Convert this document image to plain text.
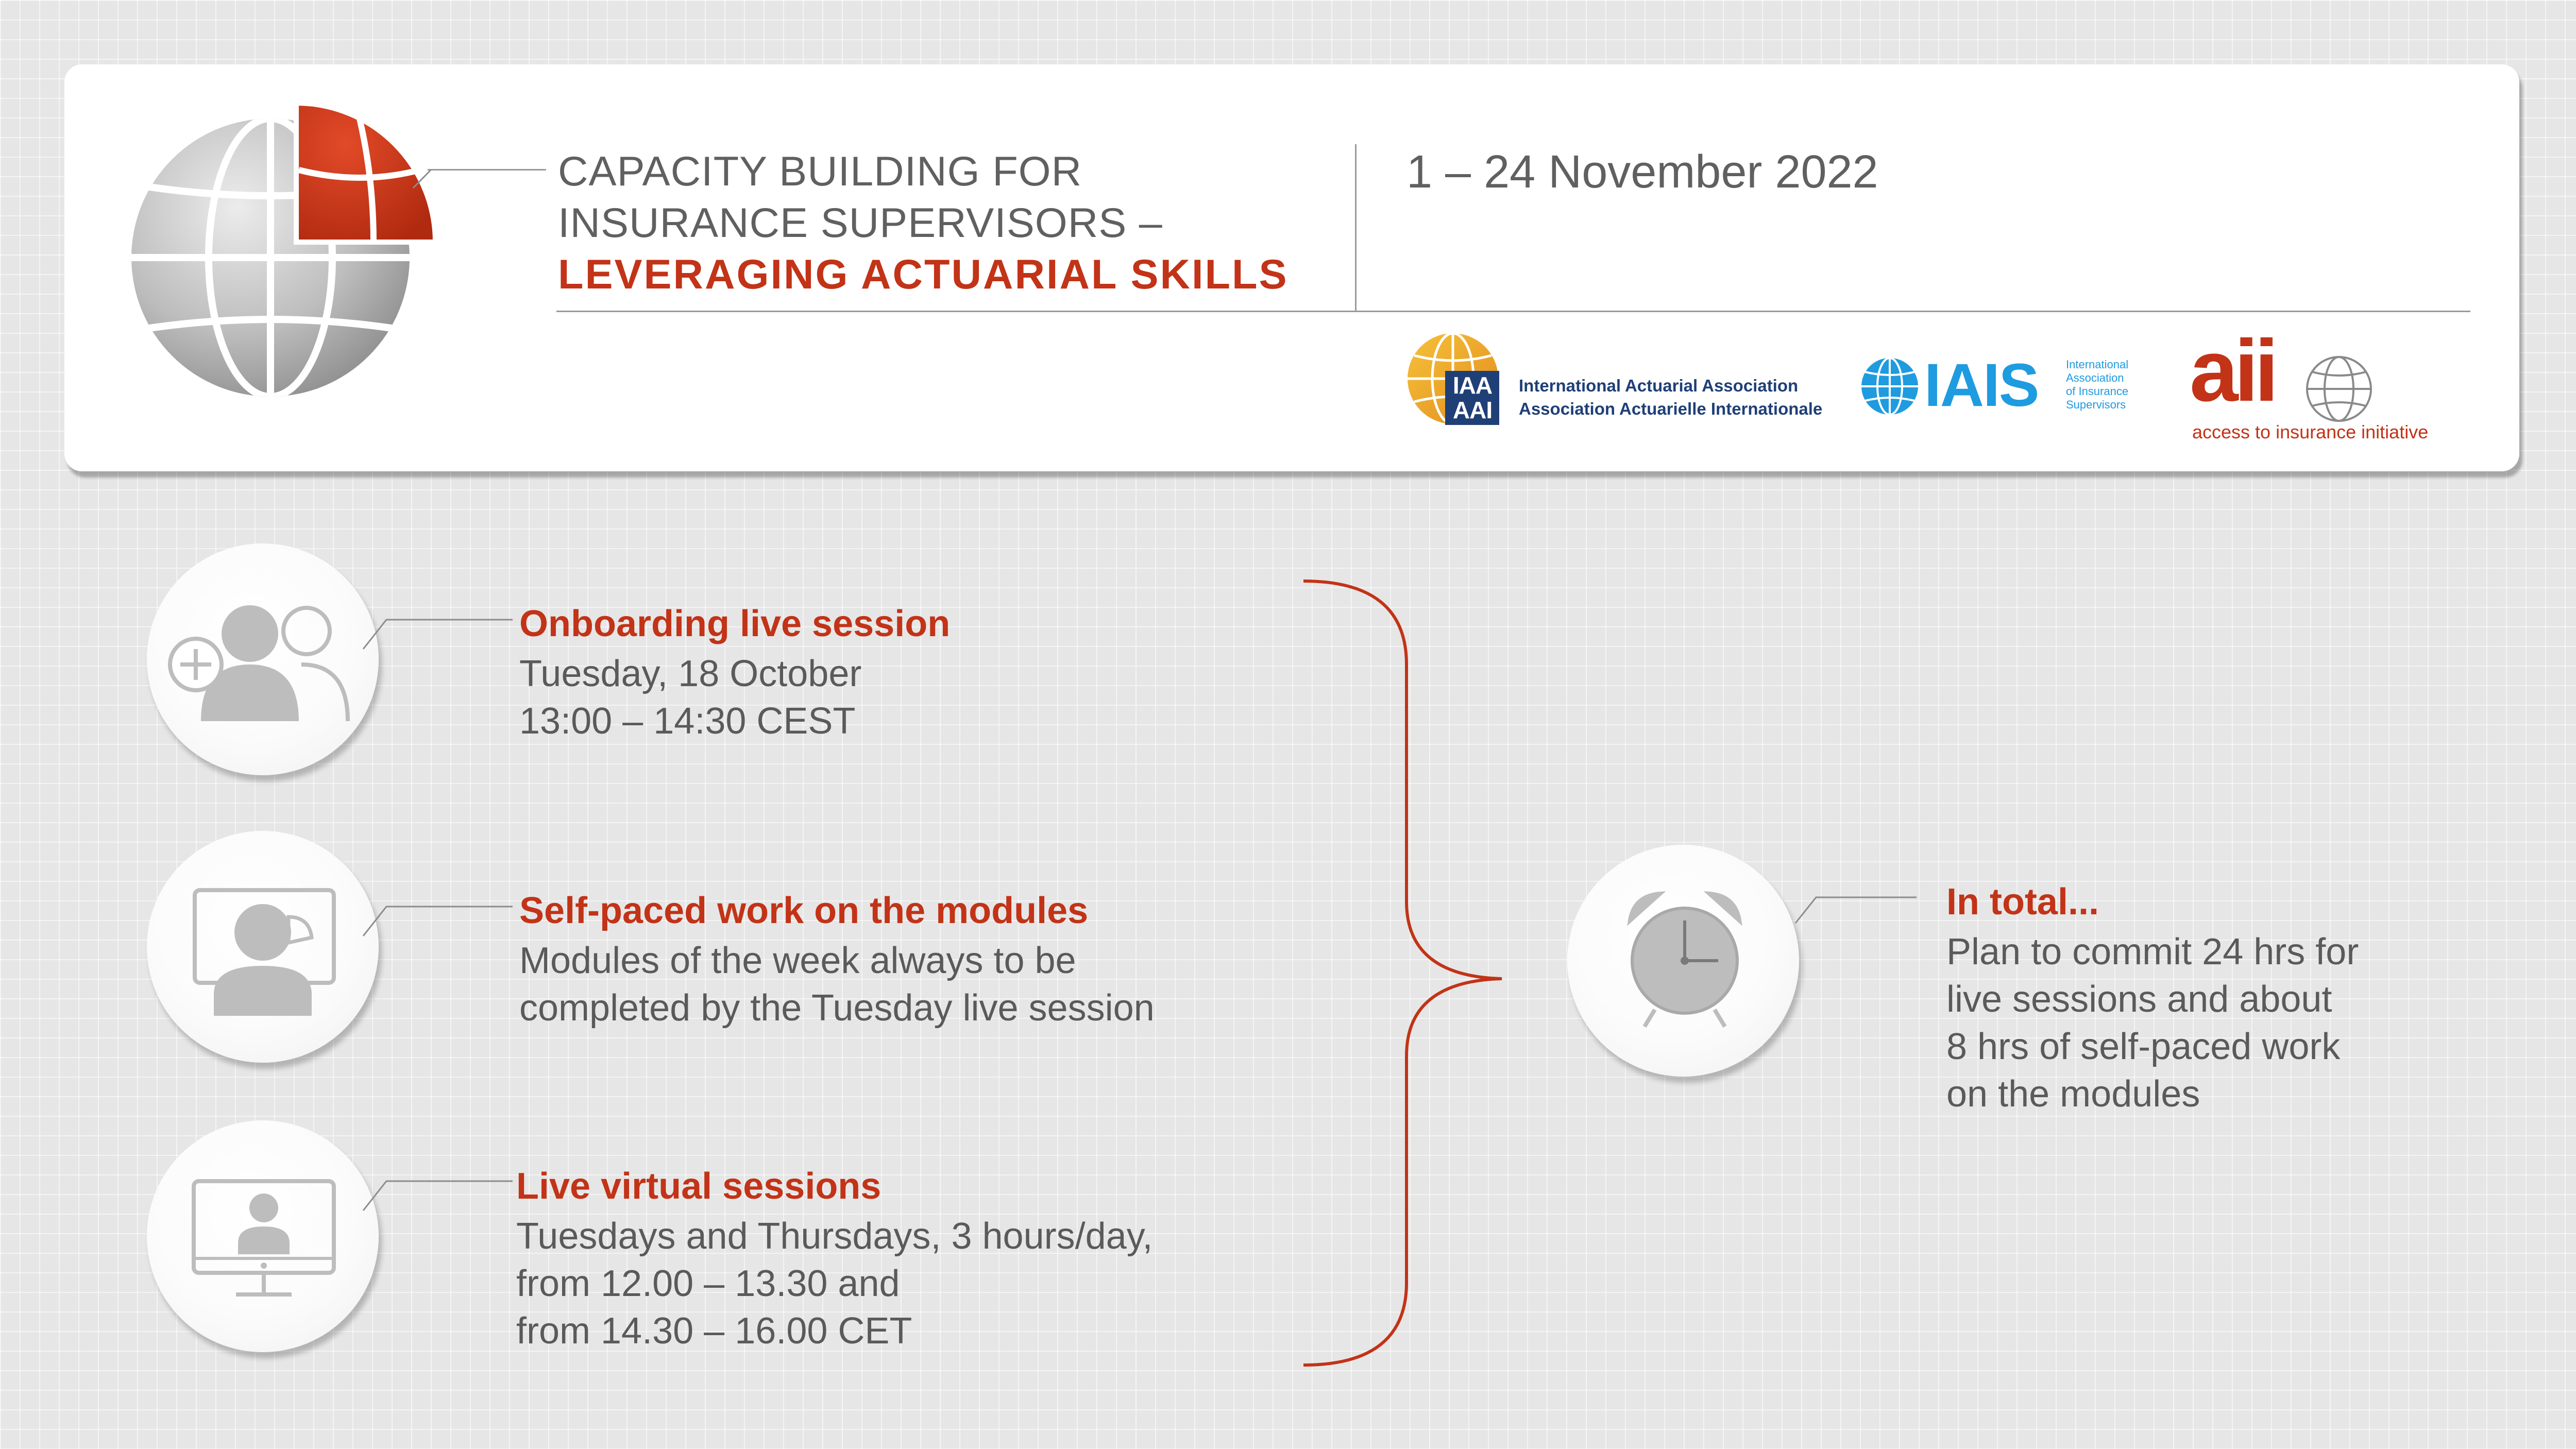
CAPACITY BUILDING FOR
INSURANCE SUPERVISORS –
LEVERAGING ACTUARIAL SKILLS
1 – 24 November 2022
IAA
AAI
International Actuarial Association
Association Actuarielle Internationale IAIS International
Association
of Insurance
Supervisors aii
access to insurance initiative
Onboarding live session
Tuesday, 18 October
13:00 – 14:30 CEST
Self-paced work on the modules
Modules of the week always to be
completed by the Tuesday live session
Live virtual sessions
Tuesdays and Thursdays, 3 hours/day,
from 12.00 – 13.30 and
from 14.30 – 16.00 CET
In total...
Plan to commit 24 hrs for
live sessions and about
8 hrs of self-paced work
on the modules
